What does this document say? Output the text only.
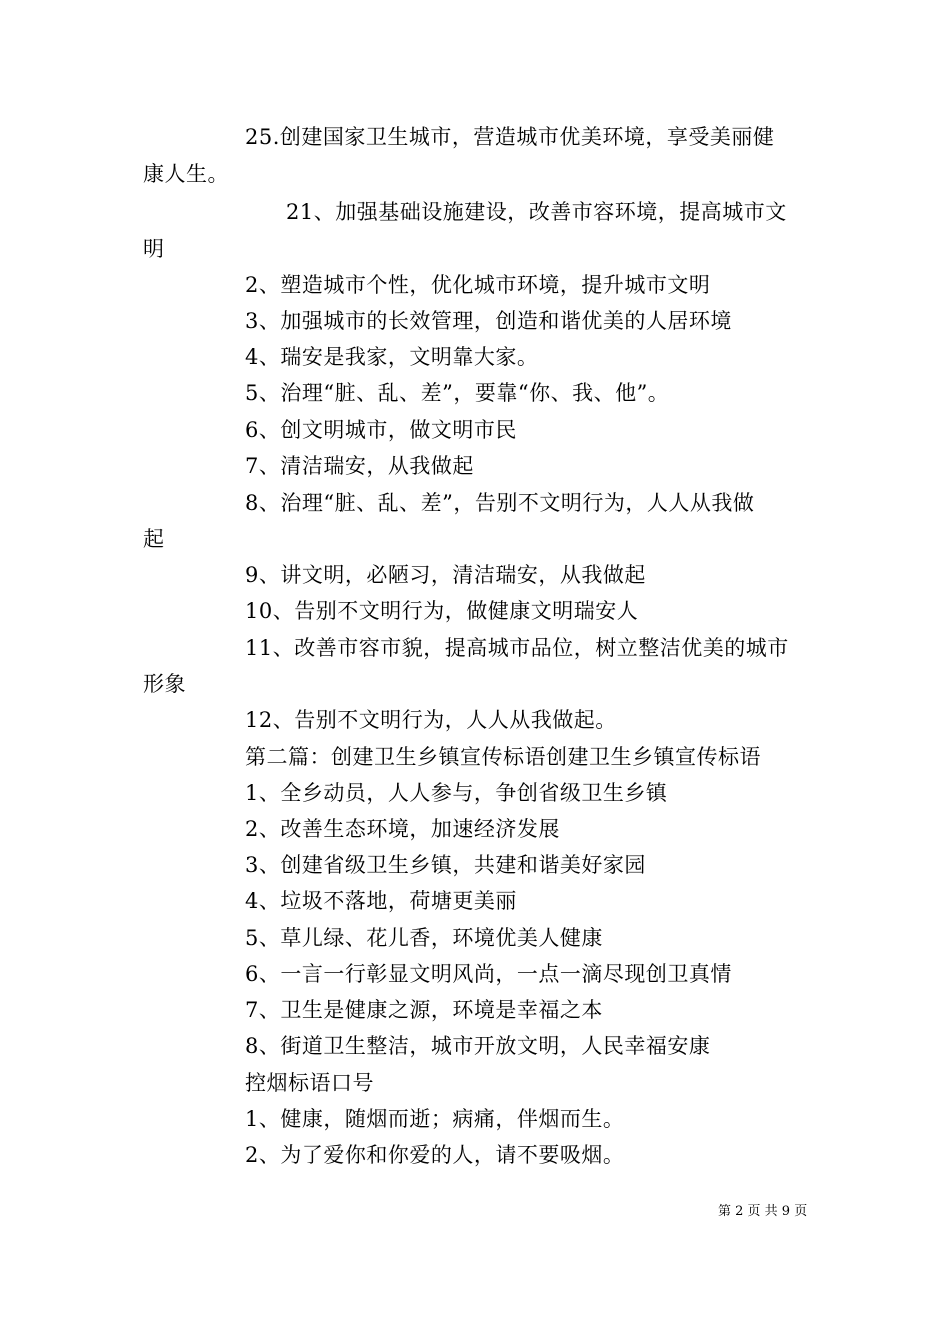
25.创建国家卫生城市，营造城市优美环境，享受美丽健
康人生。
21、加强基础设施建设，改善市容环境，提高城市文
明
2、塑造城市个性，优化城市环境，提升城市文明
3、加强城市的长效管理，创造和谐优美的人居环境
4、瑞安是我家，文明靠大家。
5、治理“脏、乱、差”，要靠“你、我、他”。
6、创文明城市，做文明市民
7、清洁瑞安，从我做起
8、治理“脏、乱、差”，告别不文明行为，人人从我做
起
9、讲文明，必陋习，清洁瑞安，从我做起
10、告别不文明行为，做健康文明瑞安人
11、改善市容市貌，提高城市品位，树立整洁优美的城市
形象
12、告别不文明行为，人人从我做起。
第二篇：创建卫生乡镇宣传标语创建卫生乡镇宣传标语
1、全乡动员，人人参与，争创省级卫生乡镇
2、改善生态环境，加速经济发展
3、创建省级卫生乡镇，共建和谐美好家园
4、垃圾不落地，荷塘更美丽
5、草儿绿、花儿香，环境优美人健康
6、一言一行彰显文明风尚，一点一滴尽现创卫真情
7、卫生是健康之源，环境是幸福之本
8、街道卫生整洁，城市开放文明，人民幸福安康
控烟标语口号
1、健康，随烟而逝；病痛，伴烟而生。
2、为了爱你和你爱的人，请不要吸烟。
第 2 页 共 9 页
